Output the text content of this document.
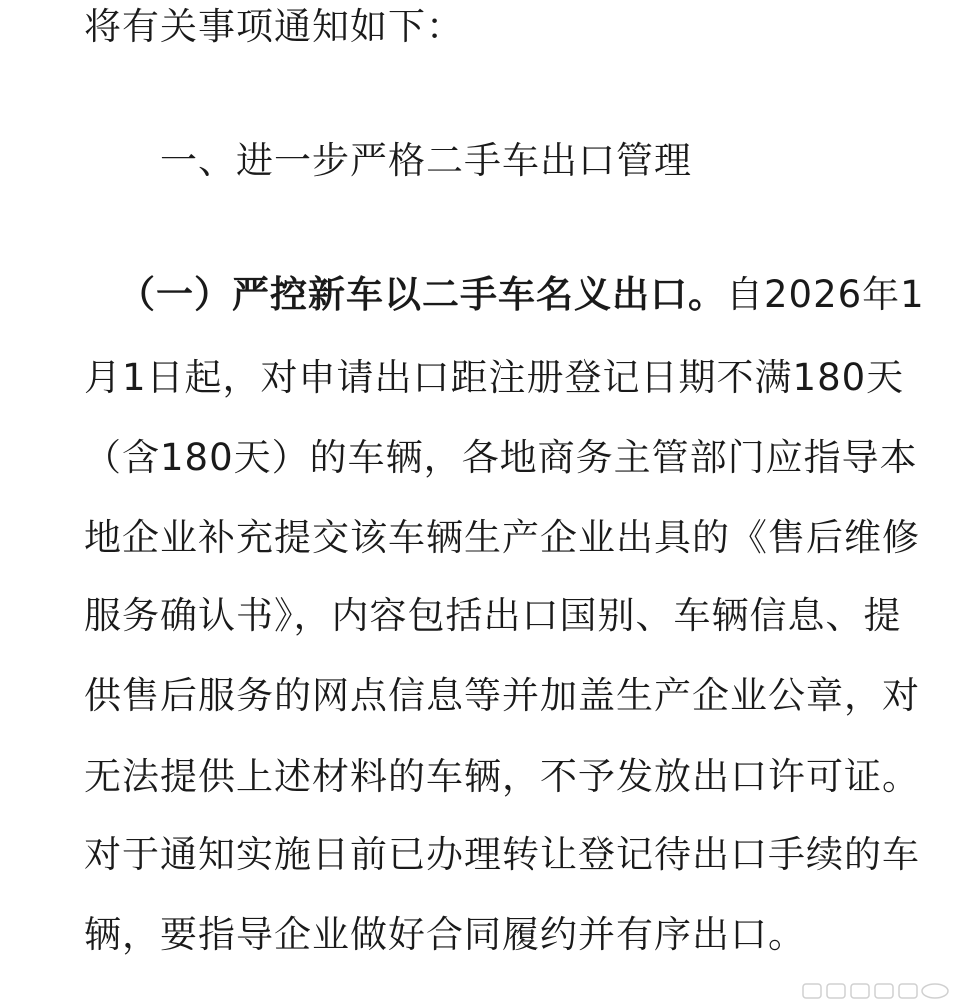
将有关事项通知如下：
一、进一步严格二手车出口管理
（一）严控新车以二手车名义出口。自2026年1
月1日起，对申请出口距注册登记日期不满180天
（含180天）的车辆，各地商务主管部门应指导本
地企业补充提交该车辆生产企业出具的《售后维修
服务确认书》，内容包括出口国别、车辆信息、提
供售后服务的网点信息等并加盖生产企业公章，对
无法提供上述材料的车辆，不予发放出口许可证。
对于通知实施日前已办理转让登记待出口手续的车
辆，要指导企业做好合同履约并有序出口。
